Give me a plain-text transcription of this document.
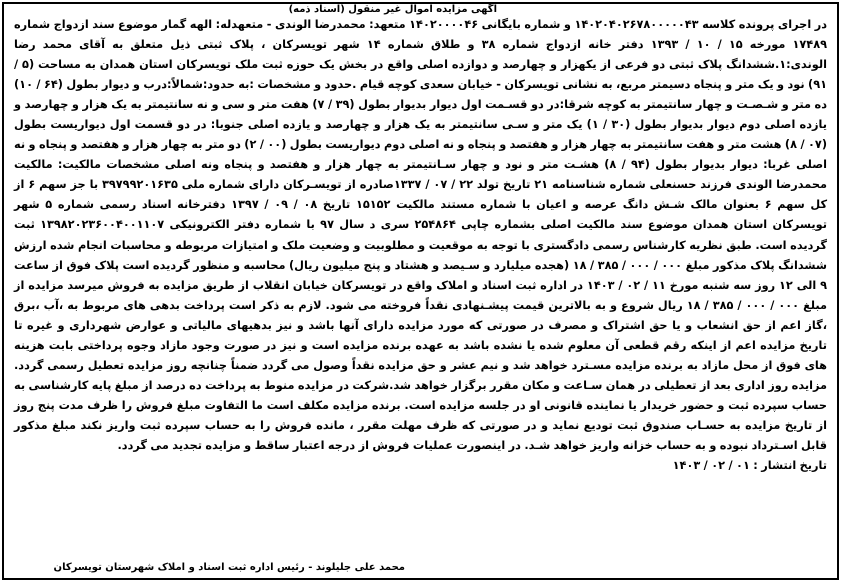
آگهی مزایده اموال غیر منقول (اسناد ذمه)
در اجرای پرونده کلاسه ۱۴۰۲۰۴۰۲۶۷۸۰۰۰۰۰۴۳ و شماره بایگانی ۱۴۰۲۰۰۰۰۴۶ متعهد: محمدرضا الوندی - متعهدله: الهه گمار موضوع سند ازدواج شماره ۱۷۴۸۹ مورخه ۱۵ / ۱۰ / ۱۳۹۳ دفتر خانه ازدواج شماره ۳۸ و طلاق شماره ۱۴ شهر تویسرکان ، پلاک ثبتی ذیل متعلق به آقای محمد رضا الوندی:۱.ششدانگ پلاک ثبتی دو فرعی از یکهزار و چهارصد و دوازده اصلی واقع در بخش یک حوزه ثبت ملک تویسرکان استان همدان به مساحت (۵ / ۹۱) نود و یک متر و پنجاه دسیمتر مربع، به نشانی تویسرکان - خیابان سعدی کوچه قیام .حدود و مشخصات :به حدود:شمالاً:درب و دیوار بطول (۶۴ / ۱۰) ده متر و شـصـت و چهار سانتیمتر به کوچه شرقا:در دو قسـمت اول دیوار بدیوار بطول (۳۹ / ۷) هفت متر و سی و نه سانتیمتر به یک هزار و چهارصد و یازده اصلی دوم دیوار بدیوار بطول (۳۰ / ۱) یک متر و سـی سانتیمتر به یک هزار و چهارصد و یازده اصلی جنوبا: در دو قسمت اول دیواریست بطول (۰۷ / ۸) هشت متر و هفت سانتیمتر به چهار هزار و هفتصد و پنجاه و نه اصلی دوم دیواریست بطول (۰۰ / ۲) دو متر به چهار هزار و هفتصد و پنجاه و نه اصلی غربا: دیوار بدیوار بطول (۹۴ / ۸) هشـت متر و نود و چهار سـانتیمتر به چهار هزار و هفتصد و پنجاه ونه اصلی مشخصات مالکیت: مالکیت محمدرضا الوندی فرزند حسنعلی شماره شناسنامه ۲۱ تاریخ تولد ۲۲ / ۰۷ / ۱۳۳۷صادره از تویسـرکان دارای شماره ملی ۳۹۷۹۹۲۰۱۶۳۵ با جز سهم ۶ از کل سهم ۶ بعنوان مالک شـش دانگ عرصه و اعیان با شماره مستند مالکیت ۱۵۱۵۲ تاریخ ۰۸ / ۰۹ / ۱۳۹۷ دفترخانه اسناد رسمی شماره ۵ شهر تویسرکان استان همدان موضوع سند مالکیت اصلی بشماره چاپی ۲۵۴۸۶۴ سری د سال ۹۷ با شماره دفتر الکترونیکی ۱۳۹۸۲۰۲۳۶۰۰۴۰۰۱۱۰۷ ثبت گردیده است. طبق نظریه کارشناس رسمی دادگستری با توجه به موقعیت و مطلوبیت و وضعیت ملک و امتیازات مربوطه و محاسبات انجام شده ارزش ششدانگ پلاک مذکور مبلغ ۰۰۰ / ۰۰۰ / ۳۸۵ / ۱۸ (هجده میلیارد و سـیصد و هشتاد و پنج میلیون ریال) محاسبه و منظور گردیده است پلاک فوق از ساعت ۹ الی ۱۲ روز سه شنبه مورخ ۱۱ / ۰۲ / ۱۴۰۳ در اداره ثبت اسناد و املاک واقع در تویسرکان خیابان انقلاب از طریق مزایده به فروش میرسد مزایده از مبلغ ۰۰۰ / ۰۰۰ / ۳۸۵ / ۱۸ ریال شروع و به بالاترین قیمت پیشـنهادی نقداً فروخته می شود. لازم به ذکر است پرداخت بدهی های مربوط به ،آب ،برق ،گاز اعم از حق انشعاب و یا حق اشتراک و مصرف در صورتی که مورد مزایده دارای آنها باشد و نیز بدهیهای مالیاتی و عوارض شهرداری و غیره تا تاریخ مزایده اعم از اینکه رقم قطعی آن معلوم شده یا نشده باشد به عهده برنده مزایده است و نیز در صورت وجود مازاد وجوه پرداختی بابت هزینه های فوق از محل مازاد به برنده مزایده مسـترد خواهد شد و نیم عشر و حق مزایده نقداً وصول می گردد ضمناً چنانچه روز مزایده تعطیل رسمی گردد. مزایده روز اداری بعد از تعطیلی در همان سـاعت و مکان مقرر برگزار خواهد شد.شرکت در مزایده منوط به پرداخت ده درصد از مبلغ پایه کارشناسی به حساب سپرده ثبت و حضور خریدار یا نماینده قانونی او در جلسه مزایده است. برنده مزایده مکلف است ما التفاوت مبلغ فروش را ظرف مدت پنج روز از تاریخ مزایده به حسـاب صندوق ثبت تودیع نماید و در صورتی که ظرف مهلت مقرر ، مانده فروش را به حساب سپرده ثبت واریز نکند مبلغ مذکور قابل اسـترداد نبوده و به حساب خزانه واریز خواهد شـد. در اینصورت عملیات فروش از درجه اعتبار ساقط و مزایده تجدید می گردد.
تاریخ انتشار : ۰۱ / ۰۲ / ۱۴۰۳
محمد علی جلیلوند - رئیس اداره ثبت اسناد و املاک شهرستان تویسرکان
